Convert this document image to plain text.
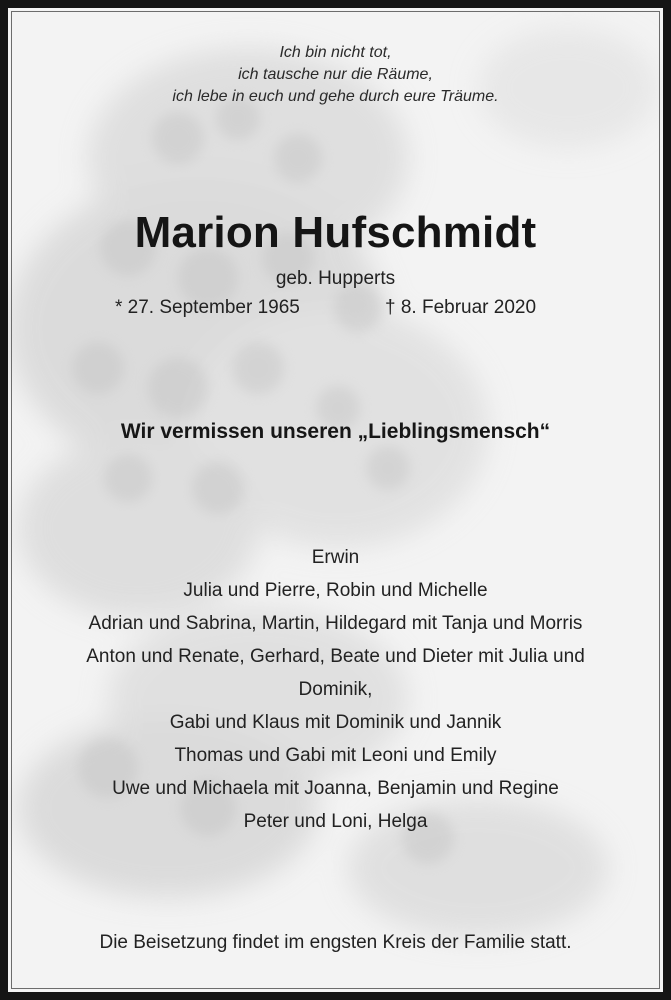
Ich bin nicht tot,
ich tausche nur die Räume,
ich lebe in euch und gehe durch eure Träume.
Marion Hufschmidt
geb. Hupperts
* 27. September 1965	† 8. Februar 2020
Wir vermissen unseren „Lieblingsmensch“
Erwin
Julia und Pierre, Robin und Michelle
Adrian und Sabrina, Martin, Hildegard mit Tanja und Morris
Anton und Renate, Gerhard, Beate und Dieter mit Julia und
Dominik,
Gabi und Klaus mit Dominik und Jannik
Thomas und Gabi mit Leoni und Emily
Uwe und Michaela mit Joanna, Benjamin und Regine
Peter und Loni, Helga
Die Beisetzung findet im engsten Kreis der Familie statt.
